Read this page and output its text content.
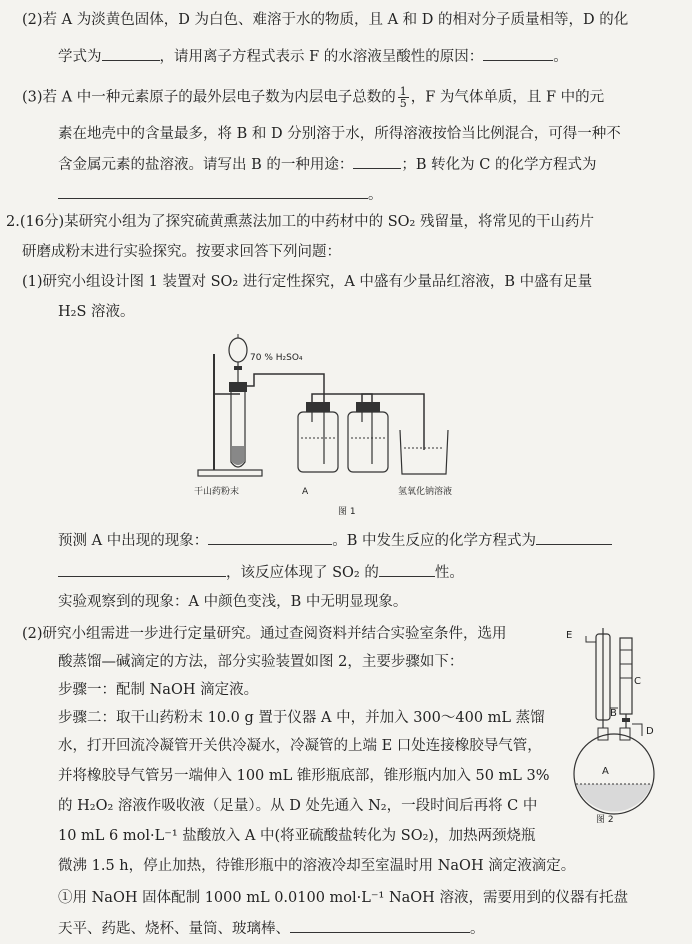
(2)若 A 为淡黄色固体，D 为白色、难溶于水的物质，且 A 和 D 的相对分子质量相等，D 的化
学式为	，请用离子方程式表示 F 的水溶液呈酸性的原因：	。
(3)若 A 中一种元素原子的最外层电子数为内层电子总数的 $\frac{1}{5}$ ，F 为气体单质，且 F 中的元
素在地壳中的含量最多，将 B 和 D 分别溶于水，所得溶液按恰当比例混合，可得一种不
含金属元素的盐溶液。请写出 B 的一种用途：	；B 转化为 C 的化学方程式为
。
2.(16分)某研究小组为了探究硫黄熏蒸法加工的中药材中的 SO₂ 残留量，将常见的干山药片
研磨成粉末进行实验探究。按要求回答下列问题：
(1)研究小组设计图 1 装置对 SO₂ 进行定性探究，A 中盛有少量品红溶液，B 中盛有足量
H₂S 溶液。
70 % H₂SO₄
干山药粉末	A	氢氧化钠溶液
图 1
预测 A 中出现的现象：	。B 中发生反应的化学方程式为
，该反应体现了 SO₂ 的	性。
实验观察到的现象：A 中颜色变浅，B 中无明显现象。
(2)研究小组需进一步进行定量研究。通过查阅资料并结合实验室条件，选用
酸蒸馏—碱滴定的方法，部分实验装置如图 2，主要步骤如下：
步骤一：配制 NaOH 滴定液。
步骤二：取干山药粉末 10.0 g 置于仪器 A 中，并加入 300～400 mL 蒸馏
水，打开回流冷凝管开关供冷凝水，冷凝管的上端 E 口处连接橡胶导气管，
并将橡胶导气管另一端伸入 100 mL 锥形瓶底部，锥形瓶内加入 50 mL 3%
的 H₂O₂ 溶液作吸收液（足量）。从 D 处先通入 N₂，一段时间后再将 C 中
10 mL 6 mol·L⁻¹ 盐酸放入 A 中(将亚硫酸盐转化为 SO₂)，加热两颈烧瓶
微沸 1.5 h，停止加热，待锥形瓶中的溶液冷却至室温时用 NaOH 滴定液滴定。
①用 NaOH 固体配制 1000 mL 0.0100 mol·L⁻¹ NaOH 溶液，需要用到的仪器有托盘
天平、药匙、烧杯、量筒、玻璃棒、	。
E
C
B
D
A
图 2
